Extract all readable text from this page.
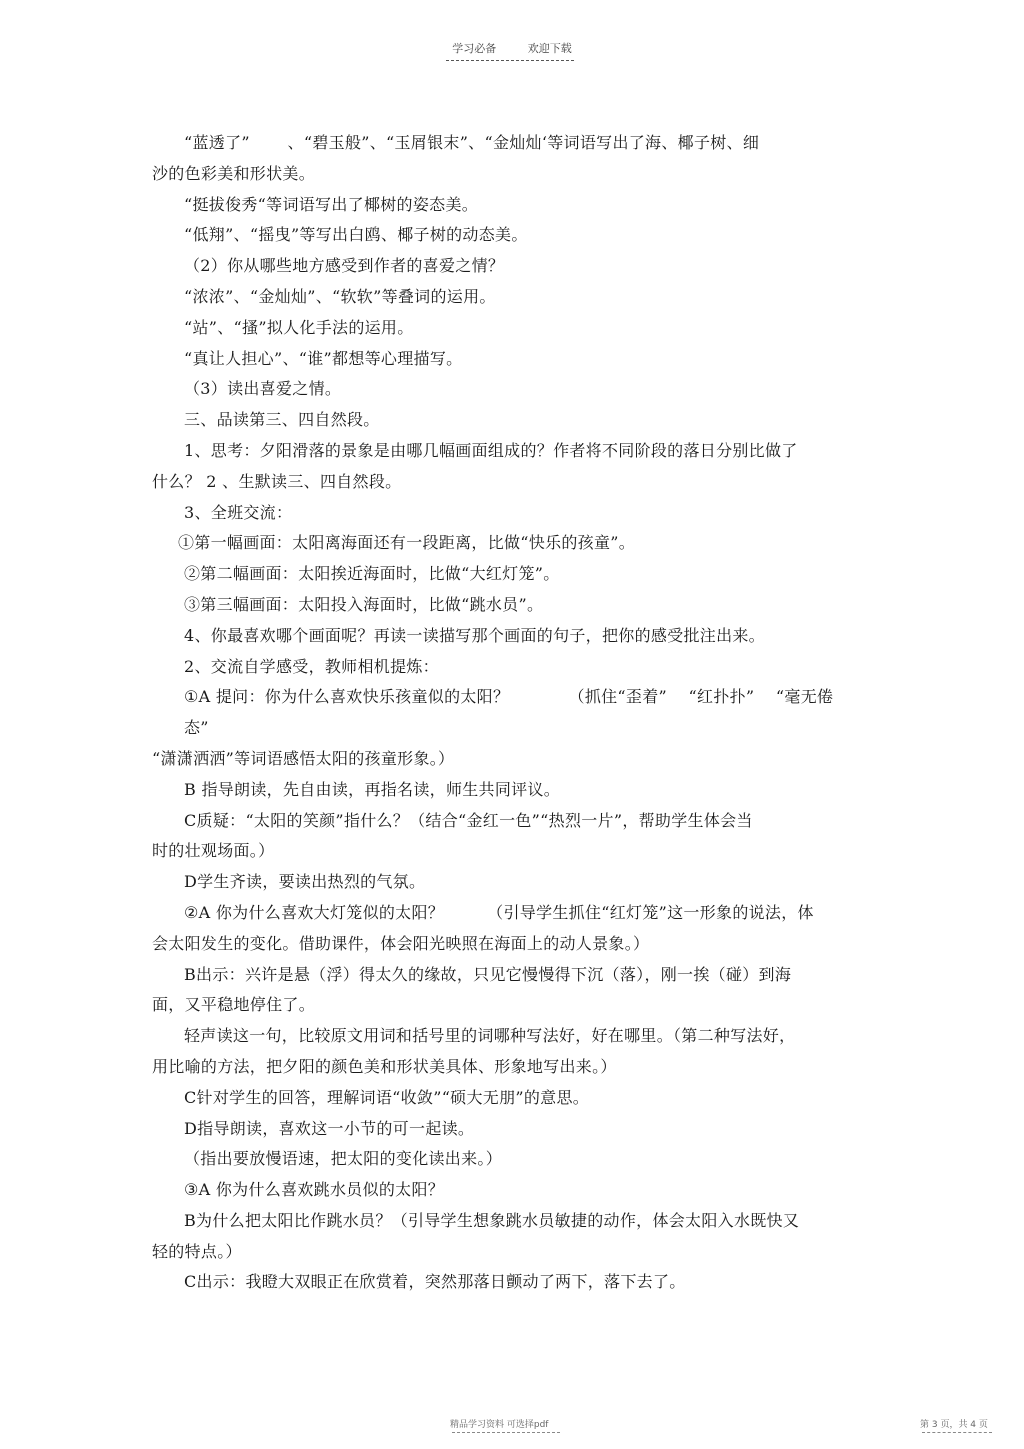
学习必备	欢迎下载

“蓝透了”       、“碧玉般”、“玉屑银末”、“金灿灿‘等词语写出了海、椰子树、细

沙的色彩美和形状美。

“挺拔俊秀“等词语写出了椰树的姿态美。

“低翔”、“摇曳”等写出白鸥、椰子树的动态美。

（2）你从哪些地方感受到作者的喜爱之情？

“浓浓”、“金灿灿”、“软软”等叠词的运用。

“站”、“搔”拟人化手法的运用。

“真让人担心”、“谁”都想等心理描写。

（3）读出喜爱之情。

三、品读第三、四自然段。

1、思考：夕阳滑落的景象是由哪几幅画面组成的？作者将不同阶段的落日分别比做了

什么？ 2 、生默读三、四自然段。

3、全班交流：

①第一幅画面：太阳离海面还有一段距离，比做“快乐的孩童”。

②第二幅画面：太阳挨近海面时，比做“大红灯笼”。

③第三幅画面：太阳投入海面时，比做“跳水员”。

4、你最喜欢哪个画面呢？再读一读描写那个画面的句子，把你的感受批注出来。

2、交流自学感受，教师相机提炼：

①A 提问：你为什么喜欢快乐孩童似的太阳？           （抓住“歪着”    “红扑扑”    “毫无倦态”

“潇潇洒洒”等词语感悟太阳的孩童形象。）

B 指导朗读，先自由读，再指名读，师生共同评议。

C质疑：“太阳的笑颜”指什么？（结合“金红一色”“热烈一片”，帮助学生体会当

时的壮观场面。）

D学生齐读，要读出热烈的气氛。

②A 你为什么喜欢大灯笼似的太阳？        （引导学生抓住“红灯笼”这一形象的说法，体

会太阳发生的变化。借助课件，体会阳光映照在海面上的动人景象。）

B出示：兴许是悬（浮）得太久的缘故，只见它慢慢得下沉（落），刚一挨（碰）到海

面，又平稳地停住了。

轻声读这一句，比较原文用词和括号里的词哪种写法好，好在哪里。（第二种写法好，

用比喻的方法，把夕阳的颜色美和形状美具体、形象地写出来。）

C针对学生的回答，理解词语“收敛”“硕大无朋”的意思。

D指导朗读，喜欢这一小节的可一起读。

（指出要放慢语速，把太阳的变化读出来。）

③A 你为什么喜欢跳水员似的太阳？

B为什么把太阳比作跳水员？（引导学生想象跳水员敏捷的动作，体会太阳入水既快又

轻的特点。）

C出示：我瞪大双眼正在欣赏着，突然那落日颤动了两下，落下去了。

精品学习资料 可选择pdf	第 3 页，共 4 页
